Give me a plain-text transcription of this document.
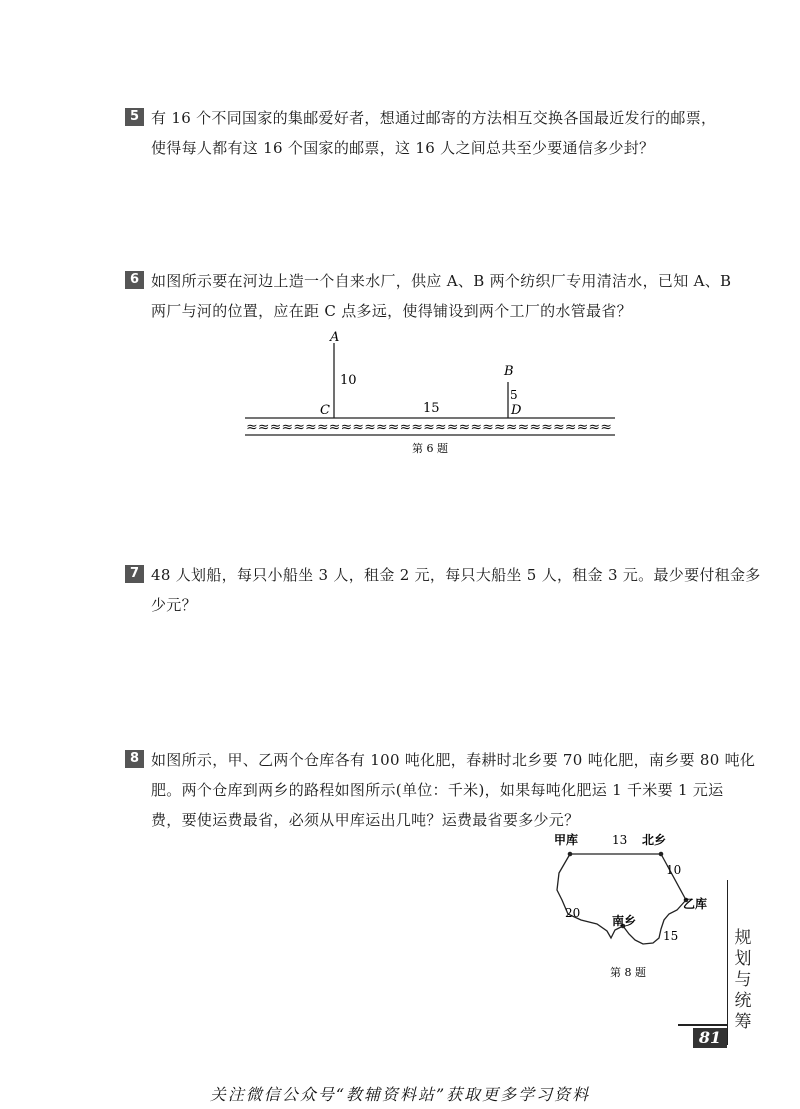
5 有 16 个不同国家的集邮爱好者，想通过邮寄的方法相互交换各国最近发行的邮票，
使得每人都有这 16 个国家的邮票，这 16 人之间总共至少要通信多少封？
6 如图所示要在河边上造一个自来水厂，供应 A、B 两个纺织厂专用清洁水，已知 A、B
两厂与河的位置，应在距 C 点多远，使得铺设到两个工厂的水管最省？
A
B
C	D
10
5
15
≈≈≈≈≈≈≈≈≈≈≈≈≈≈≈≈≈≈≈≈≈≈≈≈≈≈≈≈≈≈≈
第 6 题
7 48 人划船，每只小船坐 3 人，租金 2 元，每只大船坐 5 人，租金 3 元。最少要付租金多
少元？
8 如图所示，甲、乙两个仓库各有 100 吨化肥，春耕时北乡要 70 吨化肥，南乡要 80 吨化
肥。两个仓库到两乡的路程如图所示(单位：千米)，如果每吨化肥运 1 千米要 1 元运
费，要使运费最省，必须从甲库运出几吨？运费最省要多少元？
甲库	13 北乡
10
乙库
20
南乡
15
第 8 题
规
划
与
统
筹
81
关注微信公众号“教辅资料站”获取更多学习资料
